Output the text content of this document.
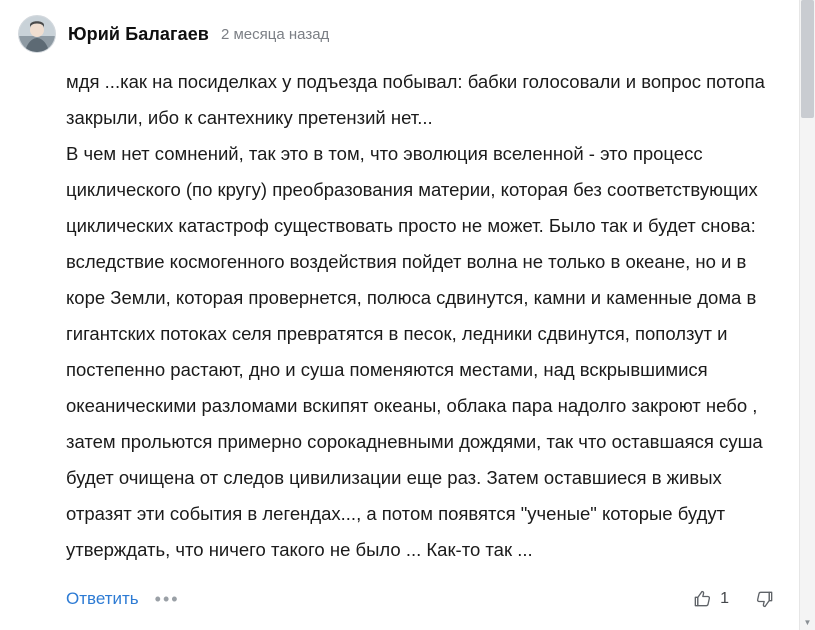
Юрий Балагаев 2 месяца назад

мдя ...как на посиделках у подъезда побывал: бабки голосовали и вопрос потопа закрыли, ибо к сантехнику претензий нет...

В чем нет сомнений, так это в том, что эволюция вселенной - это процесс циклического (по кругу) преобразования материи, которая без соответствующих циклических катастроф существовать просто не может. Было так и будет снова: вследствие космогенного воздействия пойдет волна не только в океане, но и в коре Земли, которая провернется, полюса сдвинутся, камни и каменные дома в гигантских потоках селя превратятся в песок, ледники сдвинутся, поползут и постепенно растают, дно и суша поменяются местами, над вскрывшимися океаническими разломами вскипят океаны, облака пара надолго закроют небо , затем прольются примерно сорокадневными дождями, так что оставшаяся суша будет очищена от следов цивилизации еще раз. Затем оставшиеся в живых отразят эти события в легендах..., а потом появятся "ученые" которые будут утверждать, что ничего такого не было ... Как-то так ...

Ответить •••	1
▼
